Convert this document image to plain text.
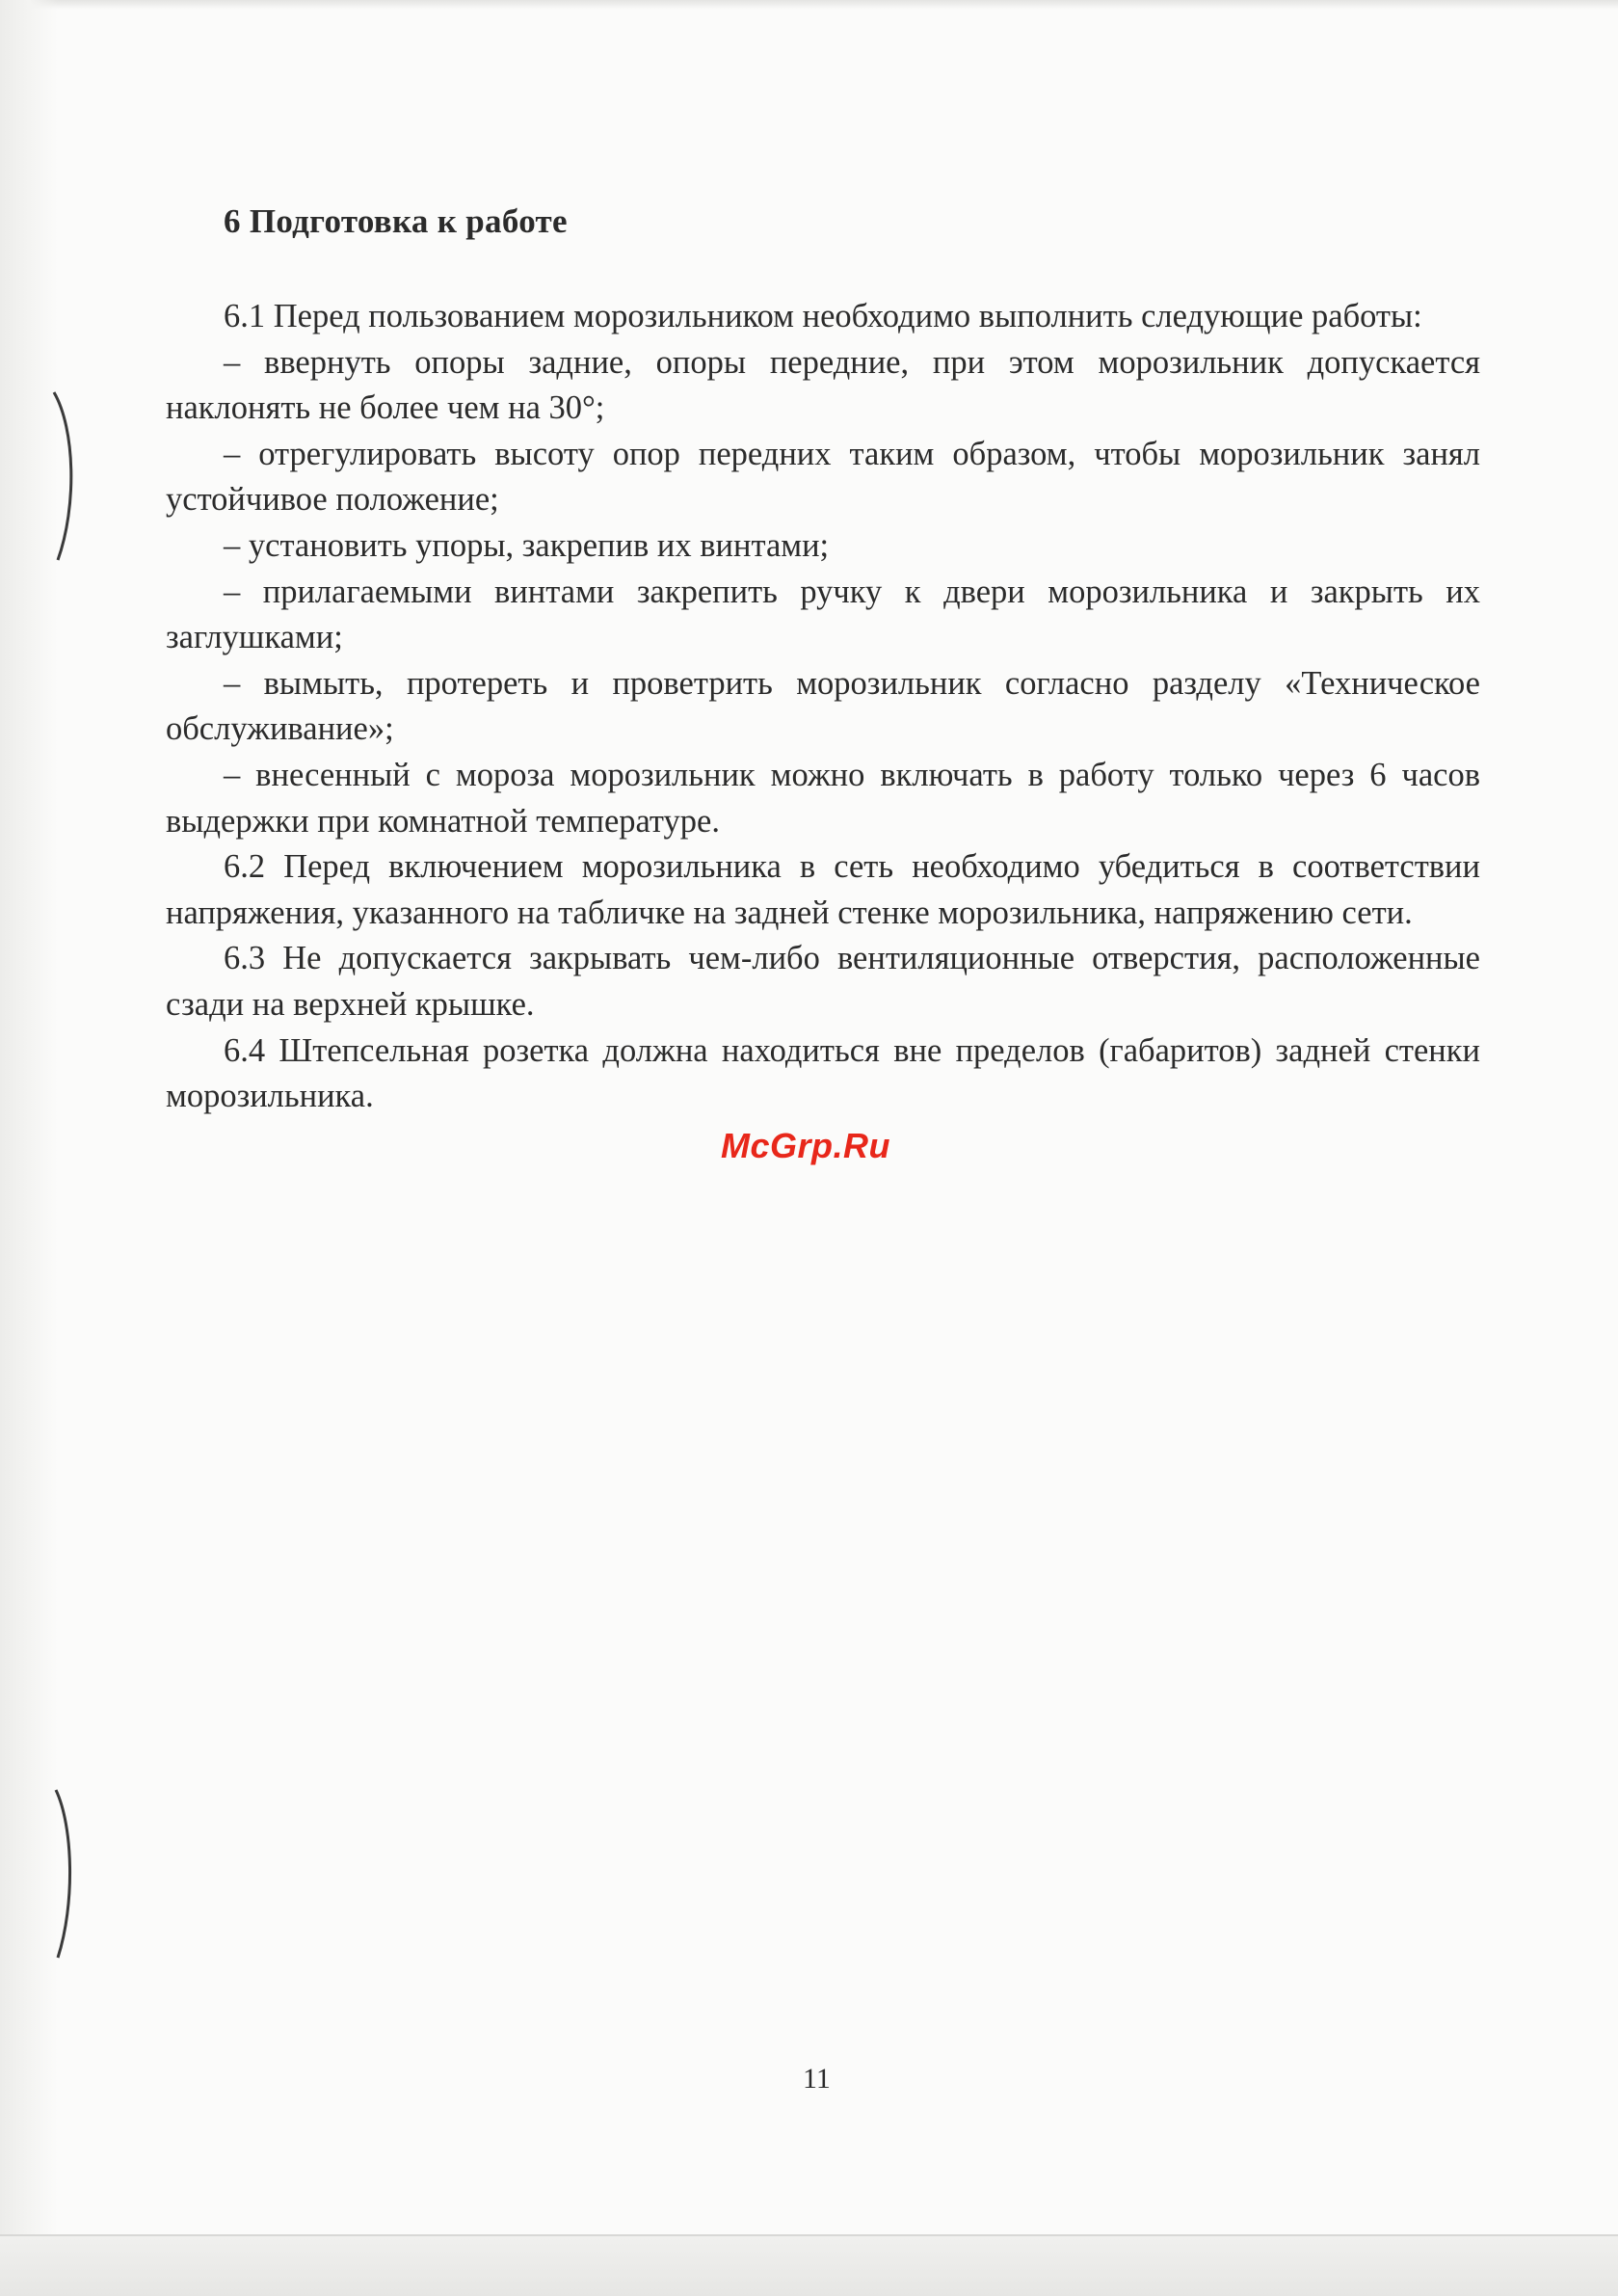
6 Подготовка к работе

6.1 Перед пользованием морозильником необходимо выполнить следующие работы:

– ввернуть опоры задние, опоры передние, при этом морозильник допускается наклонять не более чем на 30°;

– отрегулировать высоту опор передних таким образом, чтобы морозильник занял устойчивое положение;

– установить упоры, закрепив их винтами;

– прилагаемыми винтами закрепить ручку к двери морозильника и закрыть их заглушками;

– вымыть, протереть и проветрить морозильник согласно разделу «Техническое обслуживание»;

– внесенный с мороза морозильник можно включать в работу только через 6 часов выдержки при комнатной температуре.

6.2 Перед включением морозильника в сеть необходимо убедиться в соответствии напряжения, указанного на табличке на задней стенке морозильника, напряжению сети.

6.3 Не допускается закрывать чем-либо вентиляционные отверстия, расположенные сзади на верхней крышке.

6.4 Штепсельная розетка должна находиться вне пределов (габаритов) задней стенки морозильника.

McGrp.Ru
11
